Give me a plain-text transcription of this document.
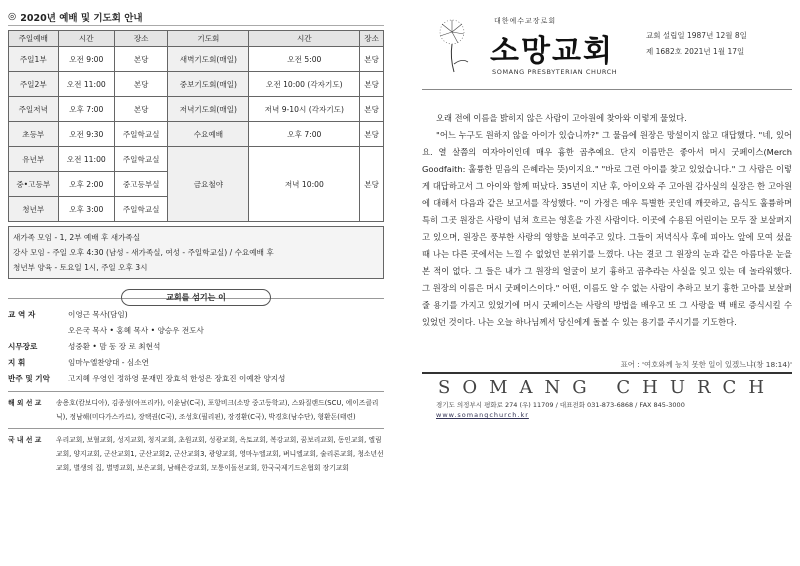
◎ 2020년 예배 및 기도회 안내
주일예배	시간	장소	기도회	시간	장소
주일1부	오전 9:00	본당	새벽기도회(매일)	오전 5:00	본당
주일2부	오전 11:00	본당	중보기도회(매일)	오전 10:00 (각자기도)	본당
주일저녁	오후 7:00	본당	저녁기도회(매일)	저녁 9-10시 (각자기도)	본당
초등부	오전 9:30	주일학교실	수요예배	오후 7:00	본당
유년부	오전 11:00	주일학교실	금요철야	저녁 10:00	본당
중•고등부	오후 2:00	중고등부실			
청년부	오후 3:00	주일학교실			
새가족 모임 - 1, 2부 예배 후 새가족실
강사 모임 - 주일 오후 4:30 (남성 - 새가족실, 여성 - 주일학교실) / 수요예배 후
청년부 양육 - 토요일 1시, 주일 오후 3시
교회를 섬기는 이
교 역 자	이영근 목사(담임)
오은국 목사 • 홍혜 목사 • 양승우 전도사
시무장로	성중환 • 맘 동 장 로 최현석
지 휘	임마누엘찬양대 - 심소연
반주 및 기악	고지혜 우영인 정하영 문재민 장효석 한성은 장효진 이예찬 양지성
해 외 선 교	송용호(캄보디아), 김종성(아프리카), 이윤남(C국), 포항비크(소망 중고등학교), 스와질랜드(SCU, 에이즈클리닉), 정남해(미다가스카르), 장택권(C국), 조성호(필리핀), 장경환(C국), 박경호(남수단), 형환돈(태련)
국 내 선 교	우리교회, 보혈교회, 성지교회, 청지교회, 초원교회, 성광교회, 옥토교회, 복강교회, 꿈보리교회, 동인교회, 엘림교회, 양지교회, 군산교회1, 군산교회2, 군산교회3, 광양교회, 영마누엘교회, 벼니엘교회, 술리론교회, 청소년선교회, 별생의 집, 별명교회, 보은교회, 남해은강교회, 모퉁이돌선교회, 한국국제기드온협회 장기교회
대한예수교장로회
소망교회
SOMANG PRESBYTERIAN CHURCH
교회 설립일 1987년 12월 8일
제 1682호 2021년 1월 17일

오래 전에 이름을 밝히지 않은 사람이 고아원에 찾아와 이렇게 물었다.

"어느 누구도 원하지 않을 아이가 있습니까?" 그 물음에 원장은 망설이지 않고 대답했다. "네, 있어요. 열 살쯤의 여자아이인데 매우 흉한 곱추예요. 단지 이름만은 좋아서 머시 굿페이스(Merch Goodfaith: 훌륭한 믿음의 은혜라는 뜻)이지요." "바로 그런 아이를 찾고 있었습니다." 그 사람은 이렇게 대답하고서 그 아이와 함께 떠났다. 35년이 지난 후, 아이오와 주 고아원 감사실의 실장은 한 고아원에 대해서 다음과 같은 보고서를 작성했다. "이 가정은 매우 특별한 곳인데 깨끗하고, 음식도 훌륭하며 특히 그곳 원장은 사랑이 넘쳐 흐르는 영혼을 가진 사람이다. 이곳에 수용된 어린이는 모두 잘 보살펴지고 있으며, 원장은 풍부한 사랑의 영향을 보여주고 있다. 그들이 저녁식사 후에 피아노 앞에 모여 섰을 때 나는 다른 곳에서는 느낄 수 없었던 분위기를 느꼈다. 나는 결코 그 원장의 눈과 같은 아름다운 눈을 본 적이 없다. 그 들은 내가 그 원장의 얼굴이 보기 흉하고 곱추라는 사실을 잊고 있는 데 놀라워했다. 그 원장의 이름은 머시 굿페이스이다." 어떤, 이름도 알 수 없는 사람이 추하고 보기 흉한 고아를 보살펴 줄 용기를 가지고 있었기에 머시 굿페이스는 사랑의 방법을 배우고 또 그 사랑을 백 배로 증식시킬 수 있었던 것이다. 나는 오늘 하나님께서 당신에게 돌볼 수 있는 용기를 주시기를 기도한다.

표어 : '여호와께 능치 못한 일이 있겠느냐(창 18:14)'
SOMANG CHURCH
경기도 의정부시 평화로 274 (우) 11709 / 대표전화 031-873-6868 / FAX 845-3000
www.somangchurch.kr
